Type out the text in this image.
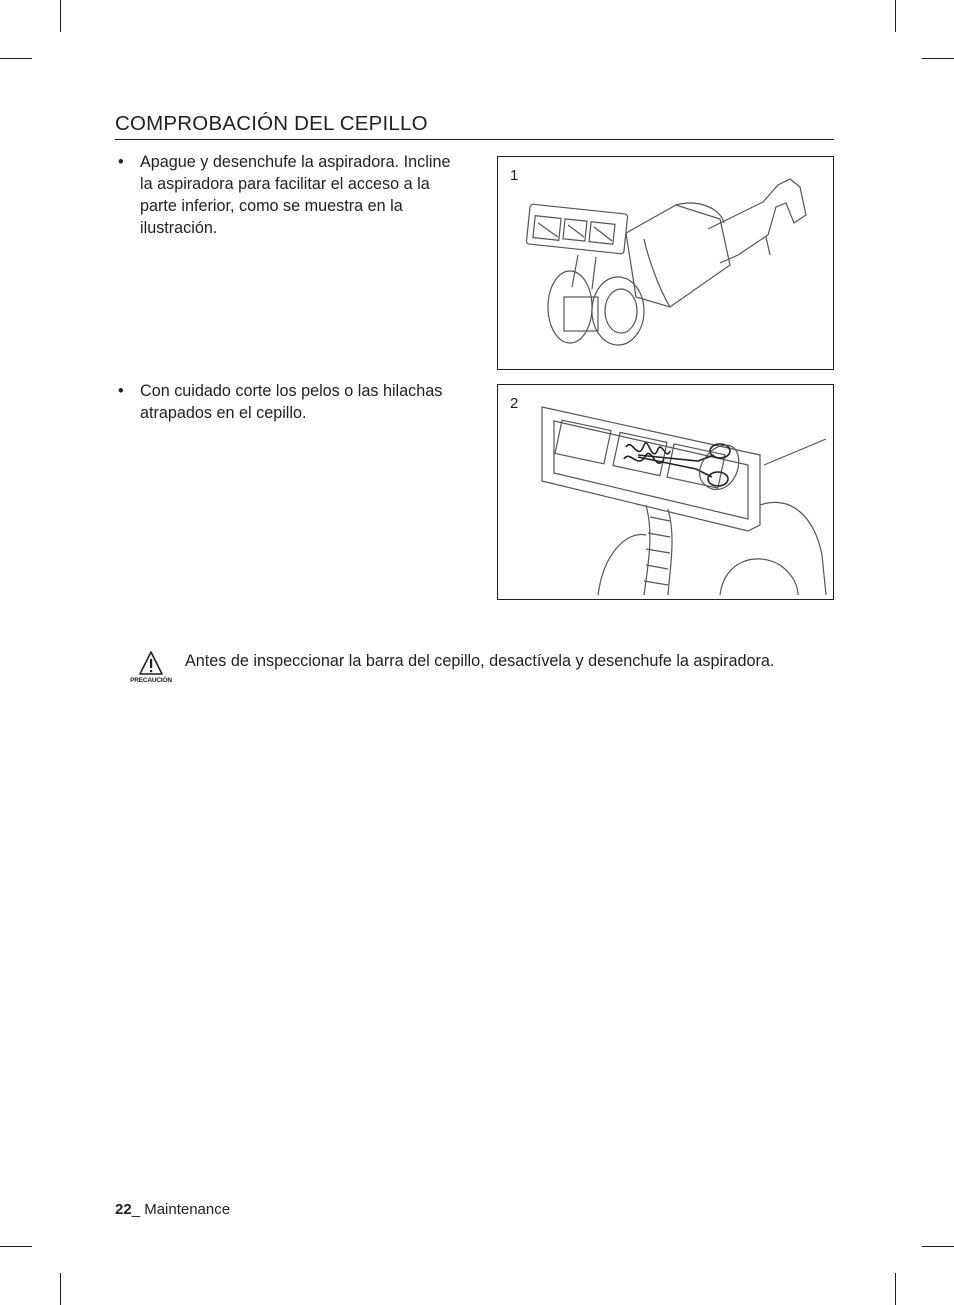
COMPROBACIÓN DEL CEPILLO
• Apague y desenchufe la aspiradora. Incline la aspiradora para facilitar el acceso a la parte inferior, como se muestra en la ilustración.
1
• Con cuidado corte los pelos o las hilachas atrapados en el cepillo.
2
PRECAUCIÓN
Antes de inspeccionar la barra del cepillo, desactívela y desenchufe la aspiradora.
22_ Maintenance
